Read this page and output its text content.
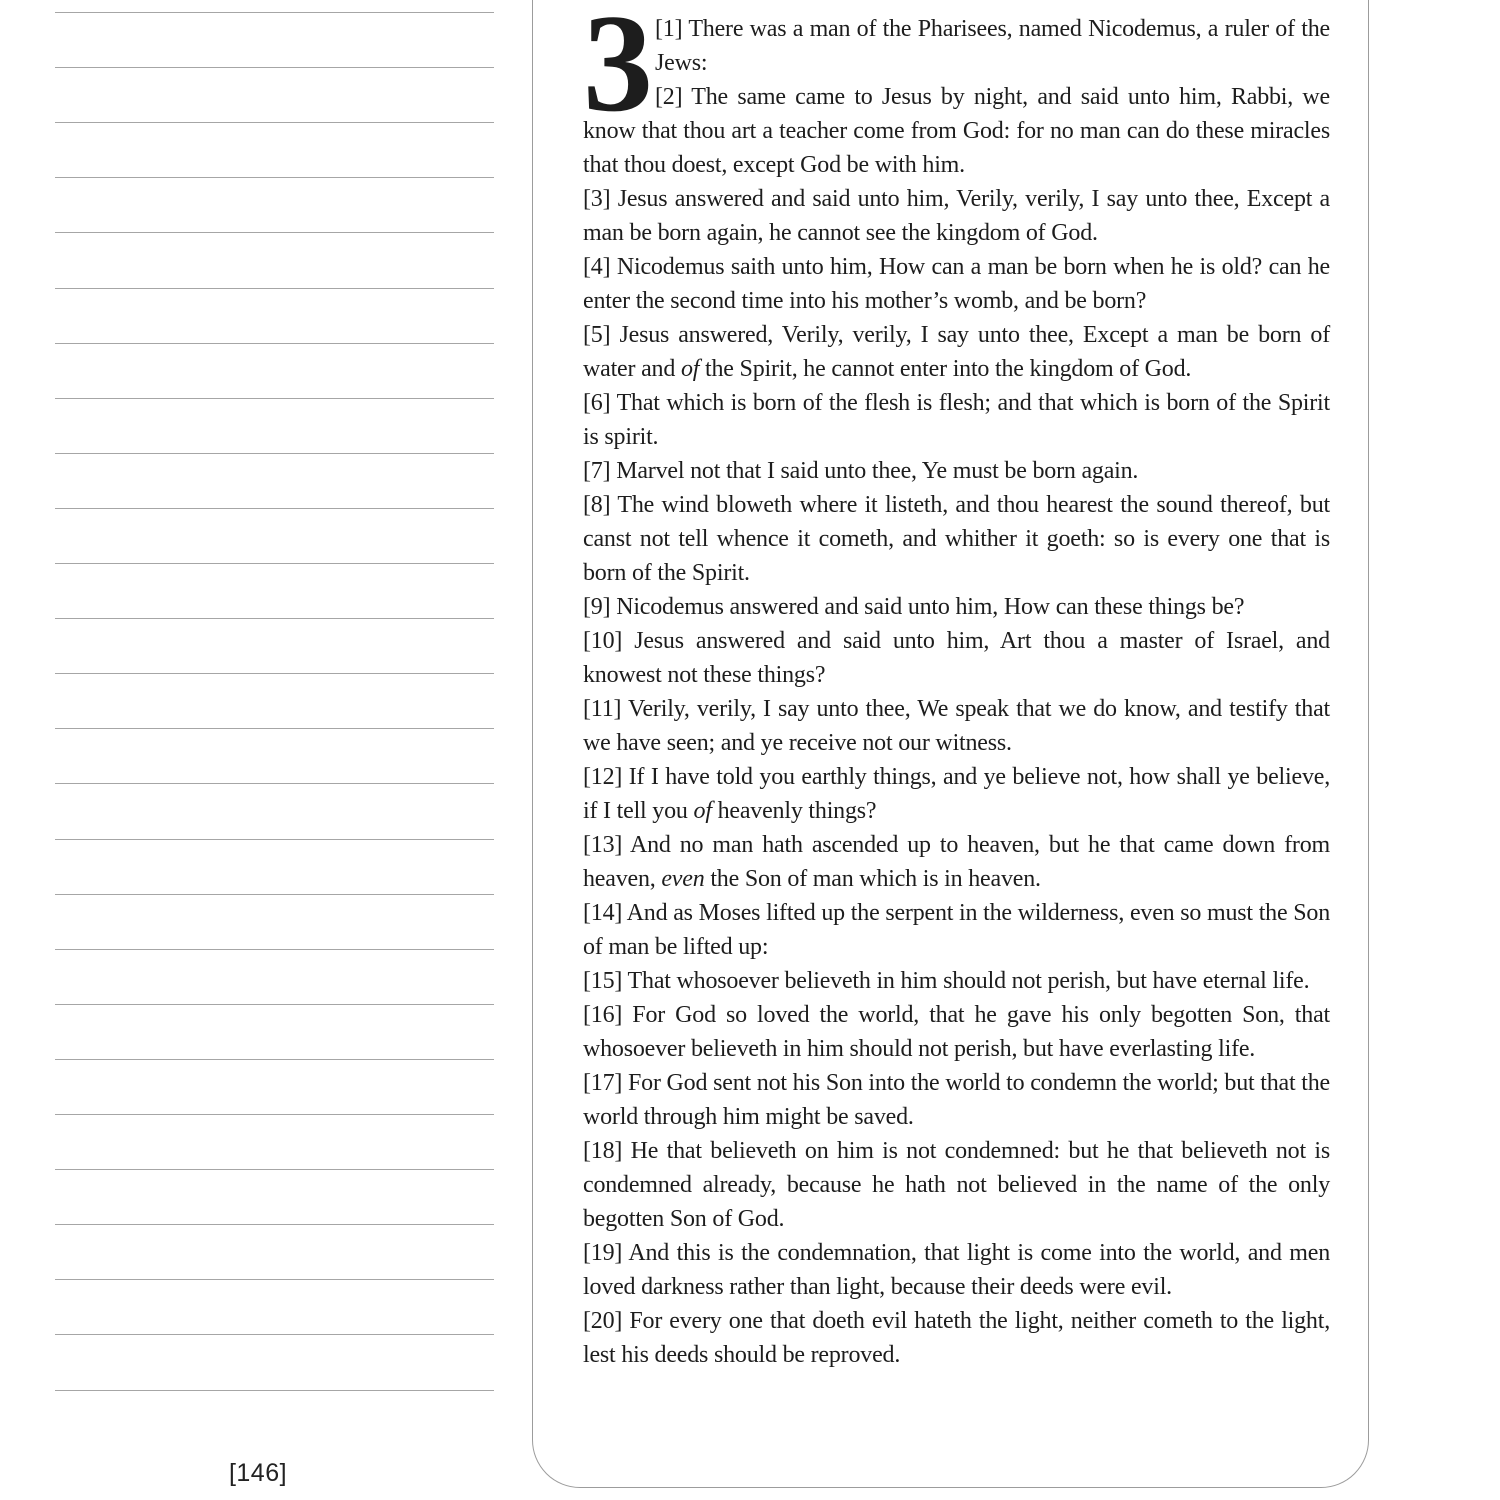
[146]
3 [1] There was a man of the Pharisees, named Nicodemus, a ruler of the Jews:

[2] The same came to Jesus by night, and said unto him, Rabbi, we know that thou art a teacher come from God: for no man can do these miracles that thou doest, except God be with him.

[3] Jesus answered and said unto him, Verily, verily, I say unto thee, Except a man be born again, he cannot see the kingdom of God.

[4] Nicodemus saith unto him, How can a man be born when he is old? can he enter the second time into his mother’s womb, and be born?

[5] Jesus answered, Verily, verily, I say unto thee, Except a man be born of water and of the Spirit, he cannot enter into the kingdom of God.

[6] That which is born of the flesh is flesh; and that which is born of the Spirit is spirit.

[7] Marvel not that I said unto thee, Ye must be born again.

[8] The wind bloweth where it listeth, and thou hearest the sound thereof, but canst not tell whence it cometh, and whither it goeth: so is every one that is born of the Spirit.

[9] Nicodemus answered and said unto him, How can these things be?

[10] Jesus answered and said unto him, Art thou a master of Israel, and knowest not these things?

[11] Verily, verily, I say unto thee, We speak that we do know, and testify that we have seen; and ye receive not our witness.

[12] If I have told you earthly things, and ye believe not, how shall ye believe, if I tell you of heavenly things?

[13] And no man hath ascended up to heaven, but he that came down from heaven, even the Son of man which is in heaven.

[14] And as Moses lifted up the serpent in the wilderness, even so must the Son of man be lifted up:

[15] That whosoever believeth in him should not perish, but have eternal life.

[16] For God so loved the world, that he gave his only begotten Son, that whosoever believeth in him should not perish, but have everlasting life.

[17] For God sent not his Son into the world to condemn the world; but that the world through him might be saved.

[18] He that believeth on him is not condemned: but he that believeth not is condemned already, because he hath not believed in the name of the only begotten Son of God.

[19] And this is the condemnation, that light is come into the world, and men loved darkness rather than light, because their deeds were evil.

[20] For every one that doeth evil hateth the light, neither cometh to the light, lest his deeds should be reproved.
